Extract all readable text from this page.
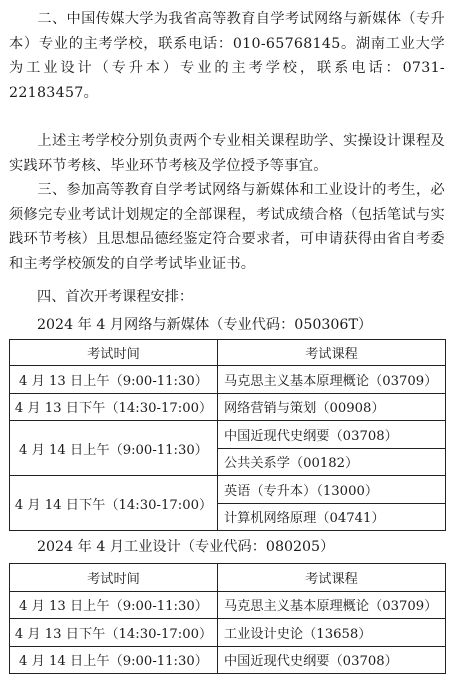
二、中国传媒大学为我省高等教育自学考试网络与新媒体（专升本）专业的主考学校，联系电话：010-65768145。湖南工业大学为工业设计（专升本）专业的主考学校，联系电话：0731-22183457。

上述主考学校分别负责两个专业相关课程助学、实操设计课程及实践环节考核、毕业环节考核及学位授予等事宜。

三、参加高等教育自学考试网络与新媒体和工业设计的考生，必须修完专业考试计划规定的全部课程，考试成绩合格（包括笔试与实践环节考核）且思想品德经鉴定符合要求者，可申请获得由省自考委和主考学校颁发的自学考试毕业证书。

四、首次开考课程安排：

2024 年 4 月网络与新媒体（专业代码：050306T）

考试时间	考试课程
4 月 13 日上午（9:00-11:30）	马克思主义基本原理概论（03709）
4 月 13 日下午（14:30-17:00）	网络营销与策划（00908）
4 月 14 日上午（9:00-11:30）	中国近现代史纲要（03708）
	公共关系学（00182）
4 月 14 日下午（14:30-17:00）	英语（专升本）（13000）
	计算机网络原理（04741）

2024 年 4 月工业设计（专业代码：080205）

考试时间	考试课程
4 月 13 日上午（9:00-11:30）	马克思主义基本原理概论（03709）
4 月 13 日下午（14:30-17:00）	工业设计史论（13658）
4 月 14 日上午（9:00-11:30）	中国近现代史纲要（03708）
